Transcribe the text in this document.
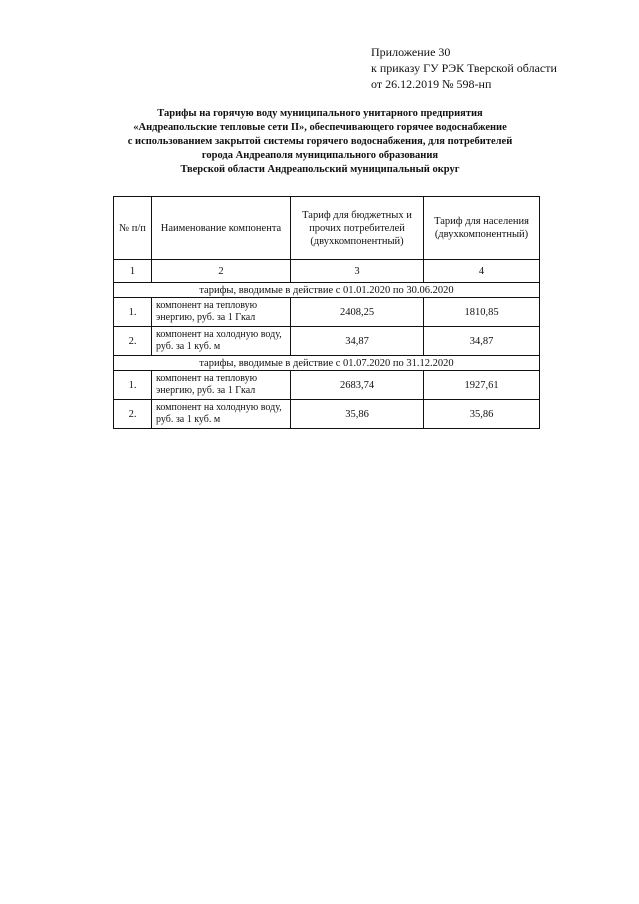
Приложение 30
к приказу ГУ РЭК Тверской области
от 26.12.2019 № 598-нп
Тарифы на горячую воду муниципального унитарного предприятия
«Андреапольские тепловые сети II», обеспечивающего горячее водоснабжение
с использованием закрытой системы горячего водоснабжения, для потребителей
города Андреаполя муниципального образования
Тверской области Андреапольский муниципальный округ
№ п/п	Наименование компонента	Тариф для бюджетных и прочих потребителей (двухкомпонентный)	Тариф для населения (двухкомпонентный)
1	2	3	4
тарифы, вводимые в действие с 01.01.2020 по 30.06.2020			
1.	компонент на тепловую энергию, руб. за 1 Гкал	2408,25	1810,85
2.	компонент на холодную воду, руб. за 1 куб. м	34,87	34,87
тарифы, вводимые в действие с 01.07.2020 по 31.12.2020			
1.	компонент на тепловую энергию, руб. за 1 Гкал	2683,74	1927,61
2.	компонент на холодную воду, руб. за 1 куб. м	35,86	35,86
